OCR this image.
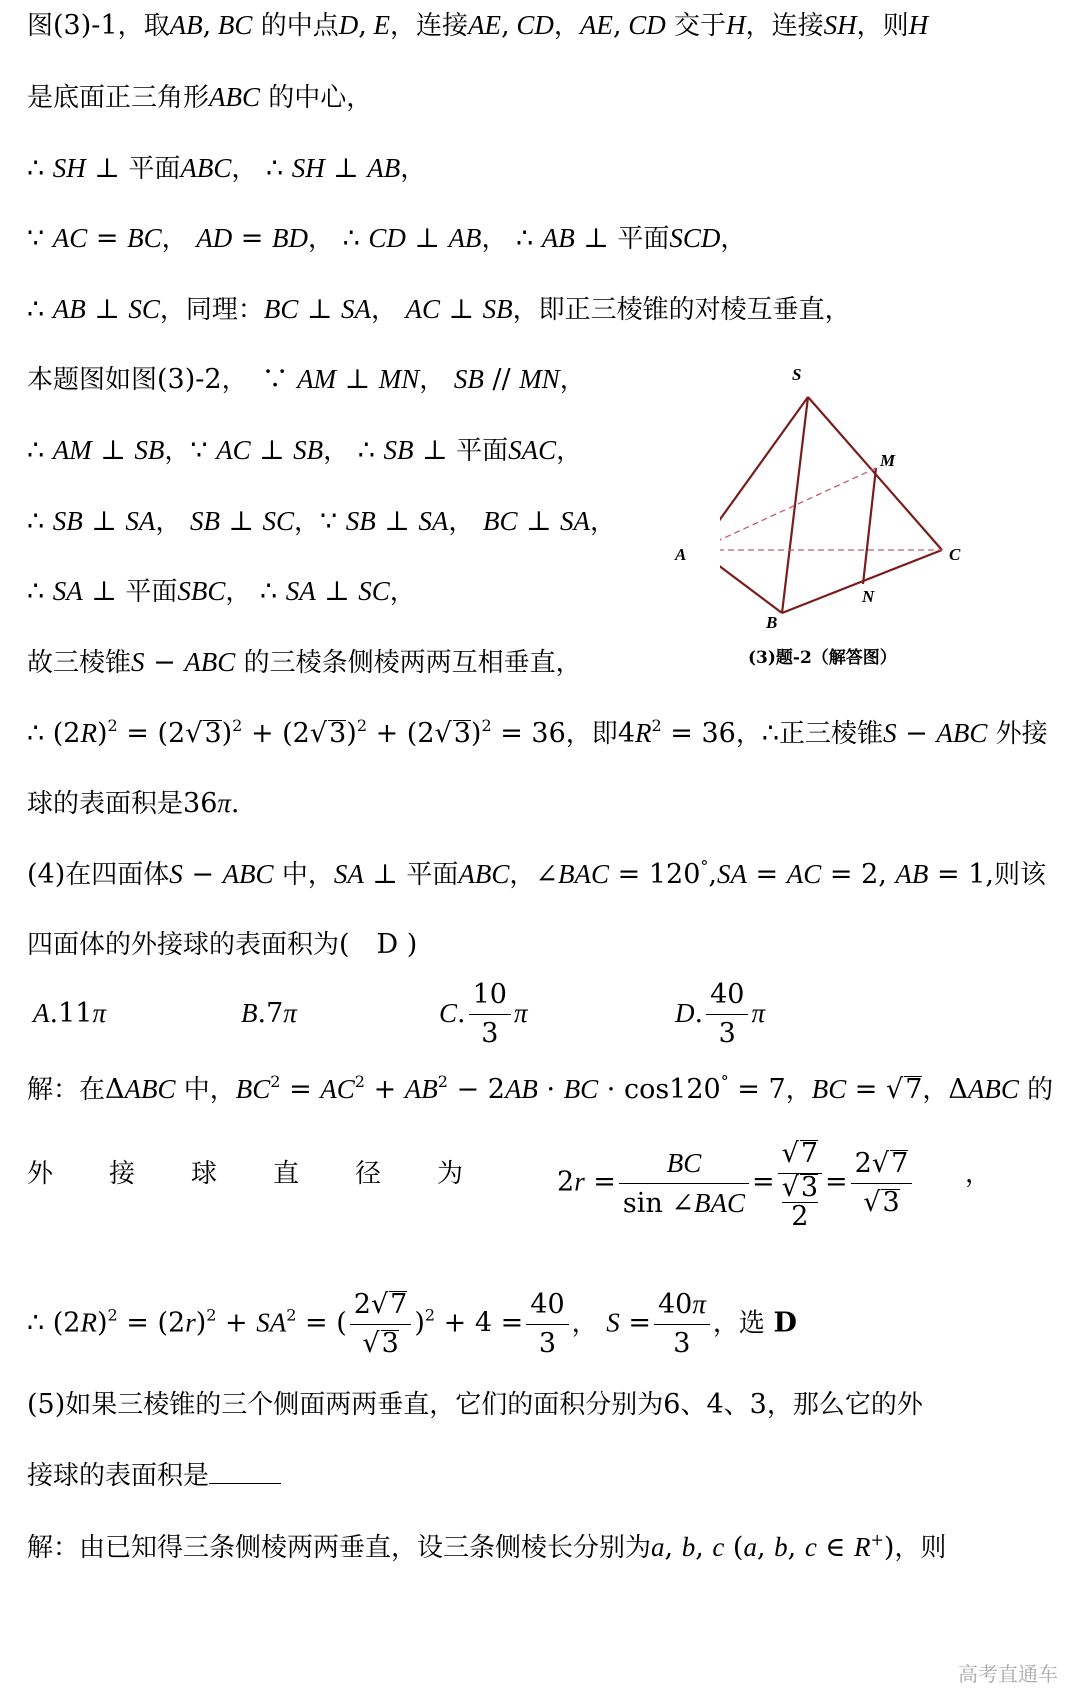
图(3)-1，取AB, BC 的中点D, E，连接AE, CD，AE, CD 交于H，连接SH，则H
是底面正三角形ABC 的中心，
∴ SH ⊥ 平面ABC， ∴ SH ⊥ AB，
∵ AC = BC， AD = BD， ∴ CD ⊥ AB， ∴ AB ⊥ 平面SCD，
∴ AB ⊥ SC，同理：BC ⊥ SA， AC ⊥ SB，即正三棱锥的对棱互垂直，
本题图如图(3)-2，　∵ AM ⊥ MN， SB // MN，
∴ AM ⊥ SB，∵ AC ⊥ SB， ∴ SB ⊥ 平面SAC，
∴ SB ⊥ SA， SB ⊥ SC，∵ SB ⊥ SA， BC ⊥ SA，
∴ SA ⊥ 平面SBC， ∴ SA ⊥ SC，
故三棱锥S − ABC 的三棱条侧棱两两互相垂直，
∴ $(2R)^2 = (2√3)^2 + (2√3)^2 + (2√3)^2 = 36$，即$4R^2 = 36$，∴正三棱锥S − ABC 外接
球的表面积是36π.
(4)在四面体S − ABC 中，SA ⊥ 平面ABC，∠BAC = 120°,SA = AC = 2, AB = 1,则该
四面体的外接球的表面积为(　D )
A.11π	B.7π	C. $\frac{10}{3}$ π	D. $\frac{40}{3}$ π
解：在ΔABC 中，$BC^2 = AC^2 + AB^2 - 2AB$ · BC · cos120° = 7，BC = √7，ΔABC 的
外接球直径为 $2r = \frac{BC}{\text{sin ∠BAC}}$ =
√7
√3
2
= $\frac{2√7}{√3}$ ，
∴ $(2R)^2 = (2r)^2 + SA^2$ = ( $\frac{2√7}{√3} )^2 + 4 = \frac{40}{3}$ ， $S = \frac{40\pi}{3}$ ，选 D
(5)如果三棱锥的三个侧面两两垂直，它们的面积分别为6、4、3，那么它的外
接球的表面积是
解：由已知得三条侧棱两两垂直，设三条侧棱长分别为a, b, c (a, b, c ∈ R+)，则
S
M
A	C
N
B
(3)题-2（解答图）
高考直通车
